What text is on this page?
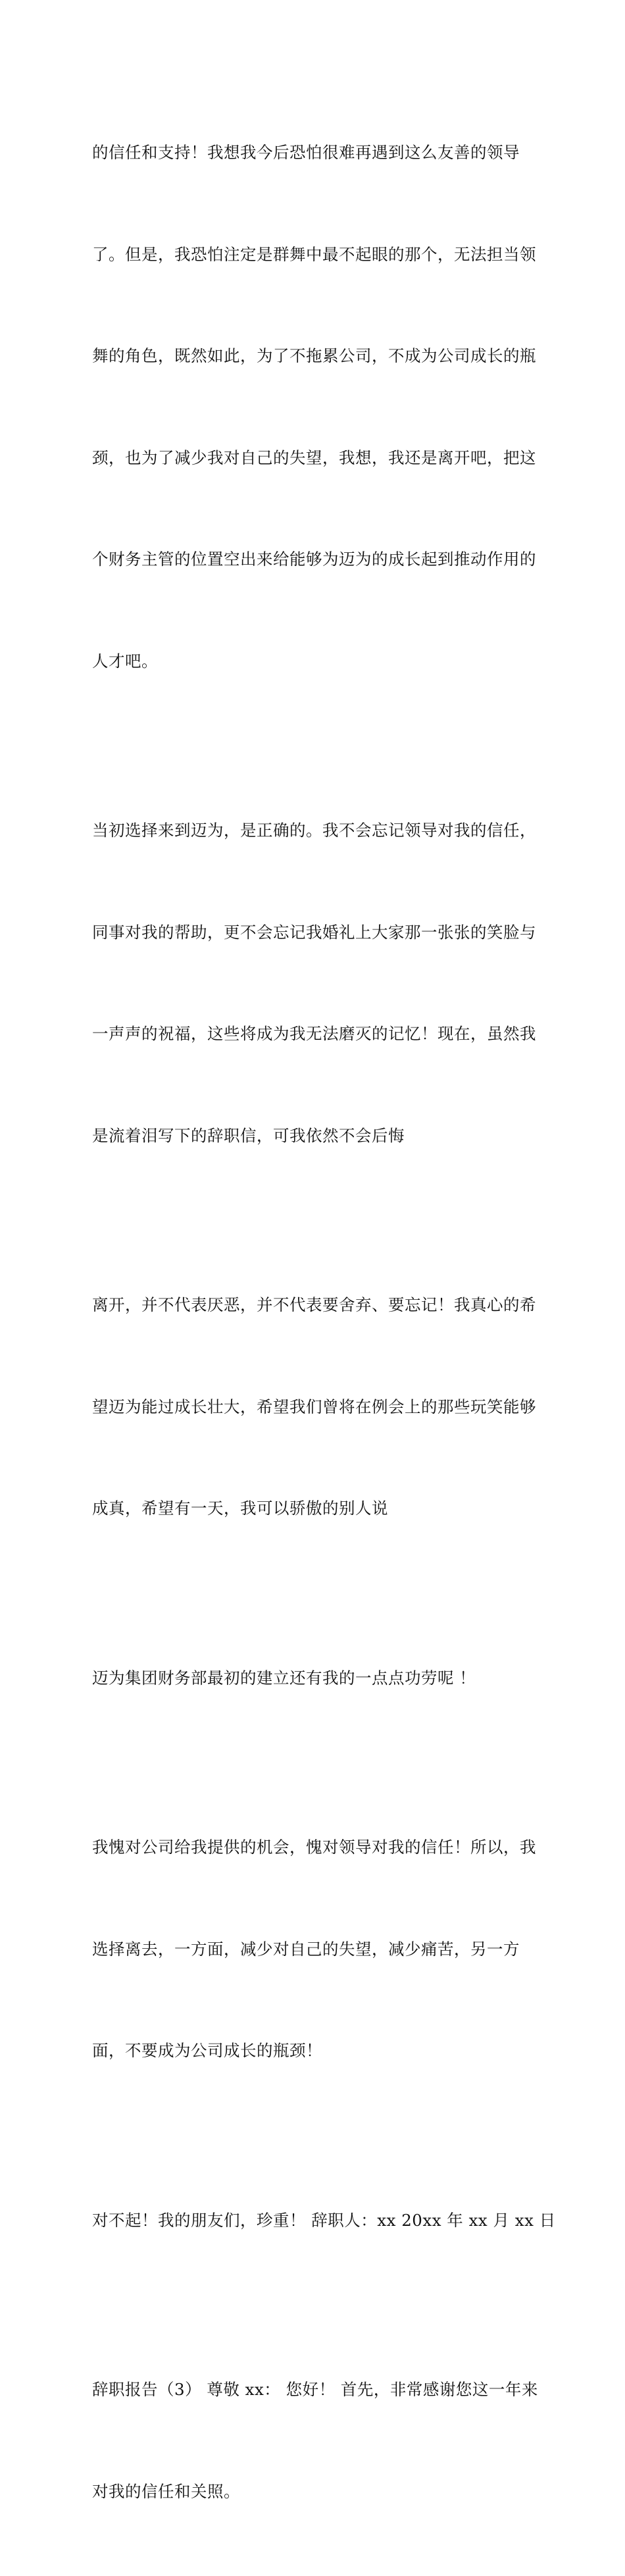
的信任和支持！我想我今后恐怕很难再遇到这么友善的领导

了。但是，我恐怕注定是群舞中最不起眼的那个，无法担当领

舞的角色，既然如此，为了不拖累公司，不成为公司成长的瓶

颈，也为了减少我对自己的失望，我想，我还是离开吧，把这

个财务主管的位置空出来给能够为迈为的成长起到推动作用的

人才吧。

当初选择来到迈为，是正确的。我不会忘记领导对我的信任，

同事对我的帮助，更不会忘记我婚礼上大家那一张张的笑脸与

一声声的祝福，这些将成为我无法磨灭的记忆！现在，虽然我

是流着泪写下的辞职信，可我依然不会后悔

离开，并不代表厌恶，并不代表要舍弃、要忘记！我真心的希

望迈为能过成长壮大，希望我们曾将在例会上的那些玩笑能够

成真，希望有一天，我可以骄傲的别人说

迈为集团财务部最初的建立还有我的一点点功劳呢 ！

我愧对公司给我提供的机会，愧对领导对我的信任！所以，我

选择离去，一方面，减少对自己的失望，减少痛苦，另一方

面，不要成为公司成长的瓶颈！

对不起！我的朋友们，珍重！ 辞职人：xx 20xx 年 xx 月 xx 日

辞职报告（3） 尊敬 xx： 您好！ 首先，非常感谢您这一年来

对我的信任和关照。
